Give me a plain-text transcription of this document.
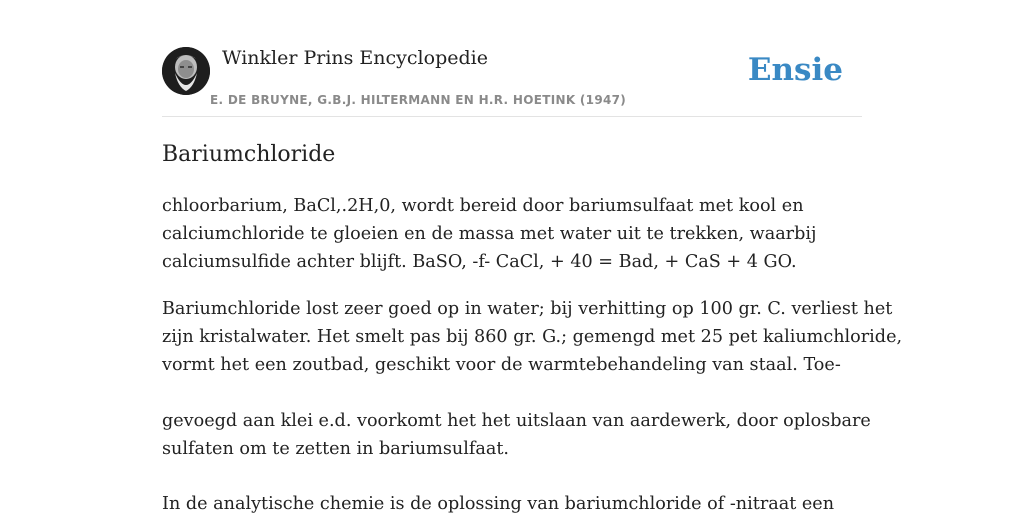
Winkler Prins Encyclopedie
E. DE BRUYNE, G.B.J. HILTERMANN EN H.R. HOETINK (1947)
Ensie
Bariumchloride

chloorbarium, BaCl,.2H,0, wordt bereid door bariumsulfaat met kool en
calciumchloride te gloeien en de massa met water uit te trekken, waarbij
calciumsulfide achter blijft. BaSO, -f- CaCl, + 40 = Bad, + CaS + 4 GO.

Bariumchloride lost zeer goed op in water; bij verhitting op 100 gr. C. verliest het
zijn kristalwater. Het smelt pas bij 860 gr. G.; gemengd met 25 pet kaliumchloride,
vormt het een zoutbad, geschikt voor de warmtebehandeling van staal. Toe-

gevoegd aan klei e.d. voorkomt het het uitslaan van aardewerk, door oplosbare
sulfaten om te zetten in bariumsulfaat.

In de analytische chemie is de oplossing van bariumchloride of -nitraat een
